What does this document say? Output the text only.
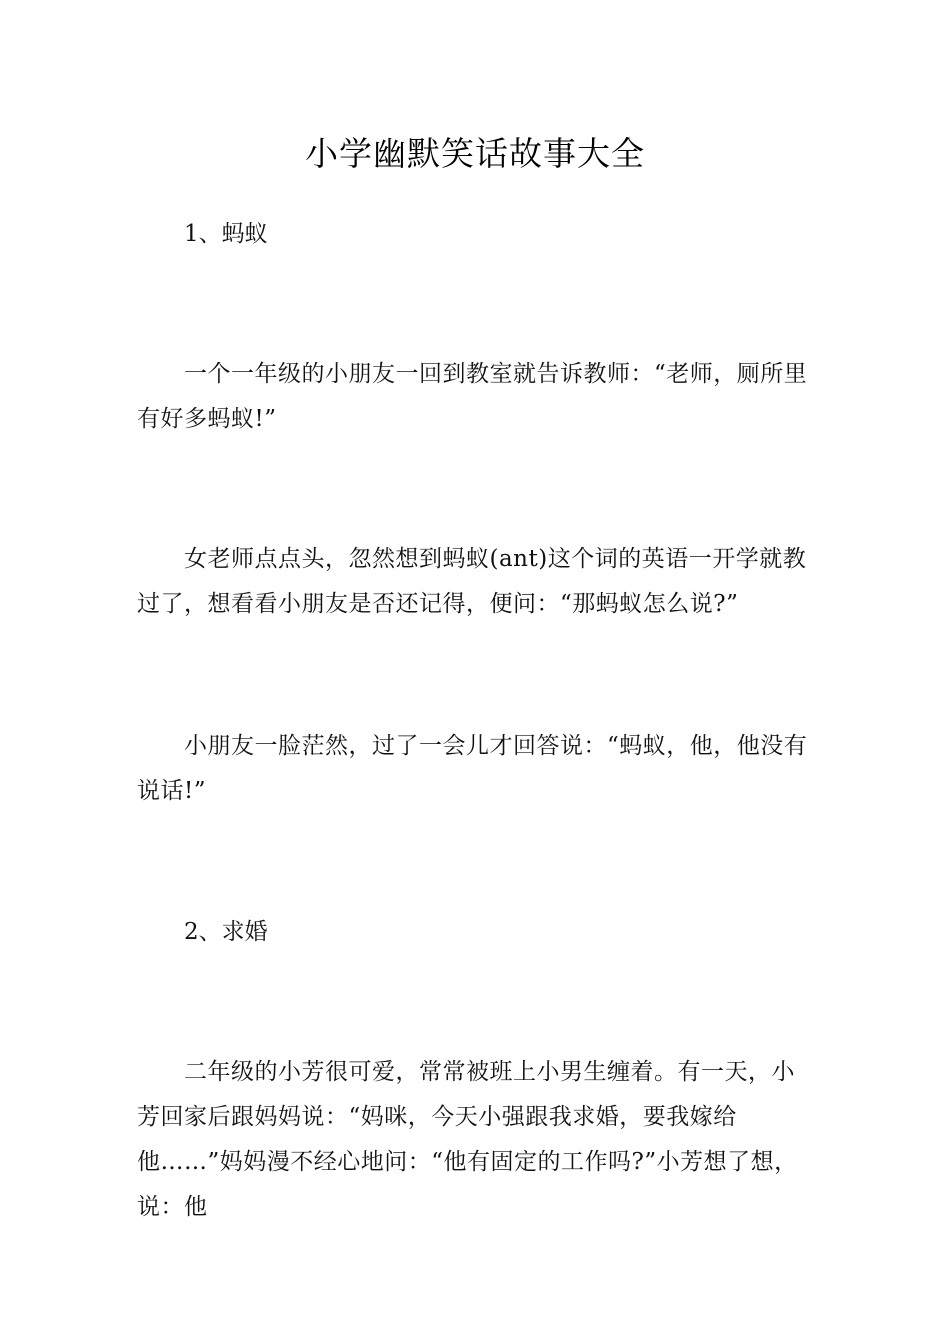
小学幽默笑话故事大全
1、蚂蚁

一个一年级的小朋友一回到教室就告诉教师：“老师，厕所里有好多蚂蚁!”

女老师点点头，忽然想到蚂蚁(ant)这个词的英语一开学就教过了，想看看小朋友是否还记得，便问：“那蚂蚁怎么说?”

小朋友一脸茫然，过了一会儿才回答说：“蚂蚁，他，他没有说话!”

2、求婚

二年级的小芳很可爱，常常被班上小男生缠着。有一天，小芳回家后跟妈妈说：“妈咪，今天小强跟我求婚，要我嫁给他……”妈妈漫不经心地问：“他有固定的工作吗?”小芳想了想，说：他
